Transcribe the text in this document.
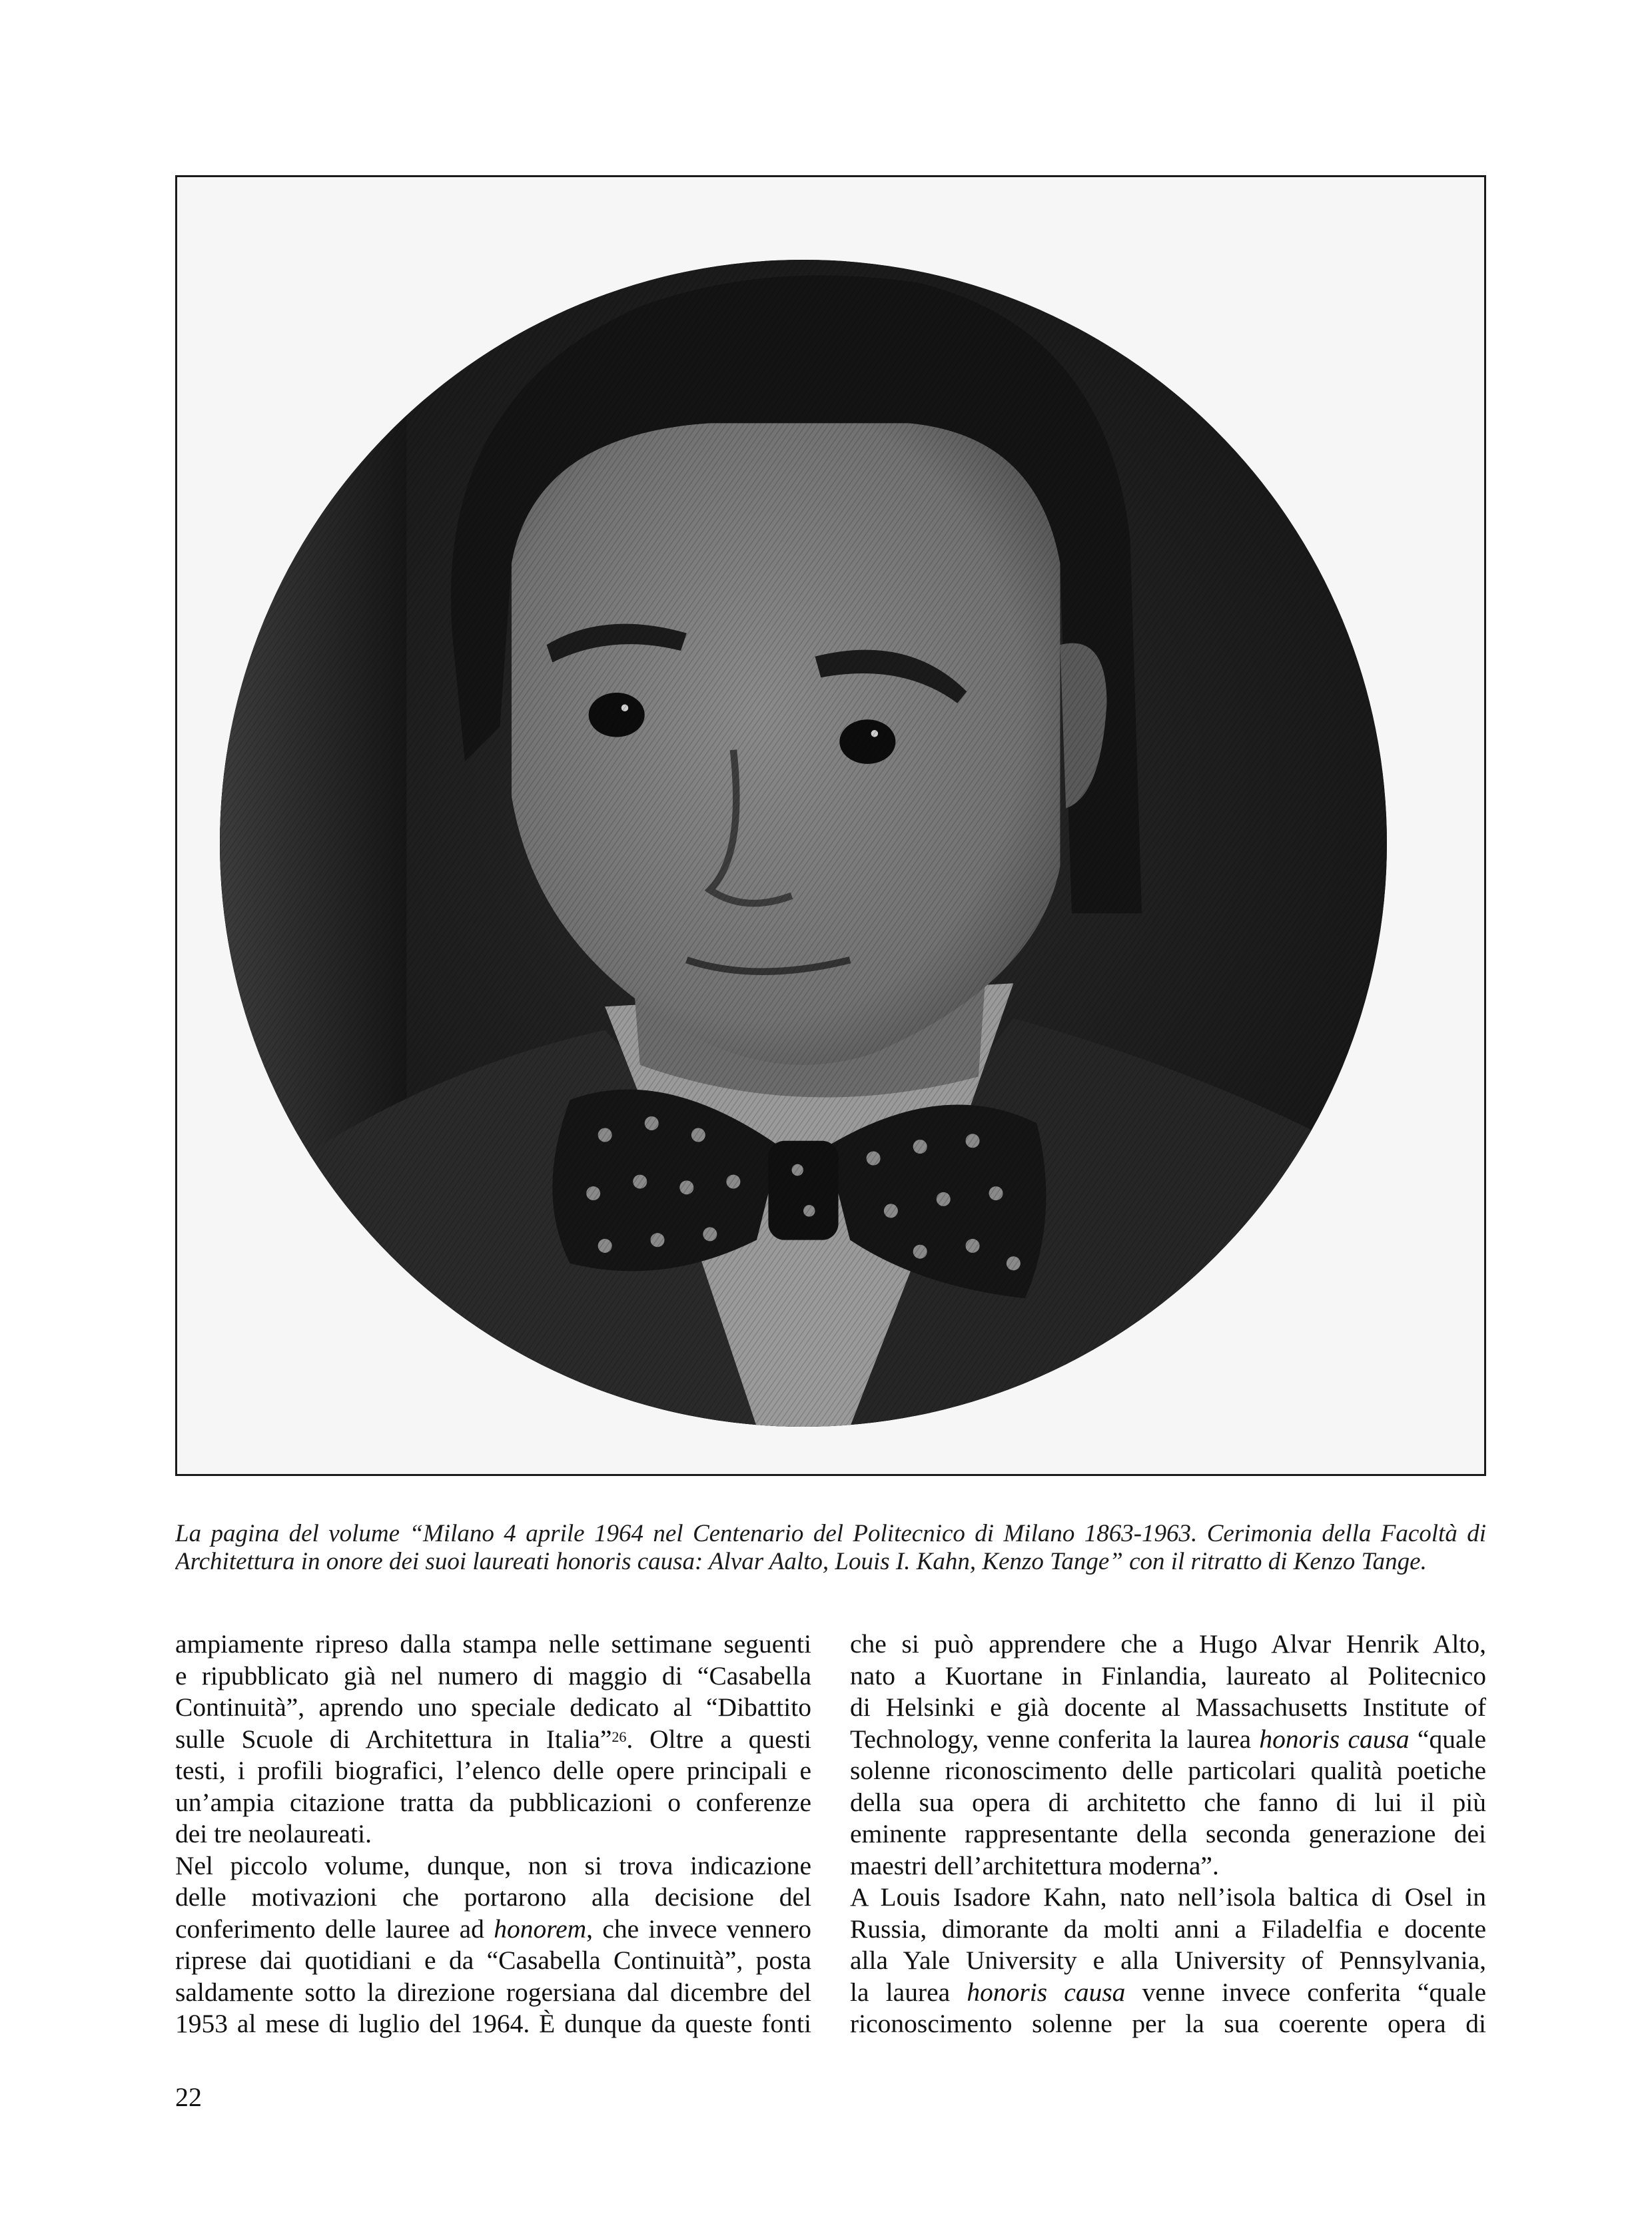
La pagina del volume “Milano 4 aprile 1964 nel Centenario del Politecnico di Milano 1863-1963. Cerimonia della Facoltà di
Architettura in onore dei suoi laureati honoris causa: Alvar Aalto, Louis I. Kahn, Kenzo Tange” con il ritratto di Kenzo Tange.
ampiamente ripreso dalla stampa nelle settimane seguenti
e ripubblicato già nel numero di maggio di “Casabella
Continuità”, aprendo uno speciale dedicato al “Dibattito
sulle Scuole di Architettura in Italia”$^{26}$. Oltre a questi
testi, i profili biografici, l’elenco delle opere principali e
un’ampia citazione tratta da pubblicazioni o conferenze
dei tre neolaureati.
Nel piccolo volume, dunque, non si trova indicazione
delle motivazioni che portarono alla decisione del
conferimento delle lauree ad honorem, che invece vennero
riprese dai quotidiani e da “Casabella Continuità”, posta
saldamente sotto la direzione rogersiana dal dicembre del
1953 al mese di luglio del 1964. È dunque da queste fonti
che si può apprendere che a Hugo Alvar Henrik Alto,
nato a Kuortane in Finlandia, laureato al Politecnico
di Helsinki e già docente al Massachusetts Institute of
Technology, venne conferita la laurea honoris causa “quale
solenne riconoscimento delle particolari qualità poetiche
della sua opera di architetto che fanno di lui il più
eminente rappresentante della seconda generazione dei
maestri dell’architettura moderna”.
A Louis Isadore Kahn, nato nell’isola baltica di Osel in
Russia, dimorante da molti anni a Filadelfia e docente
alla Yale University e alla University of Pennsylvania,
la laurea honoris causa venne invece conferita “quale
riconoscimento solenne per la sua coerente opera di
22
